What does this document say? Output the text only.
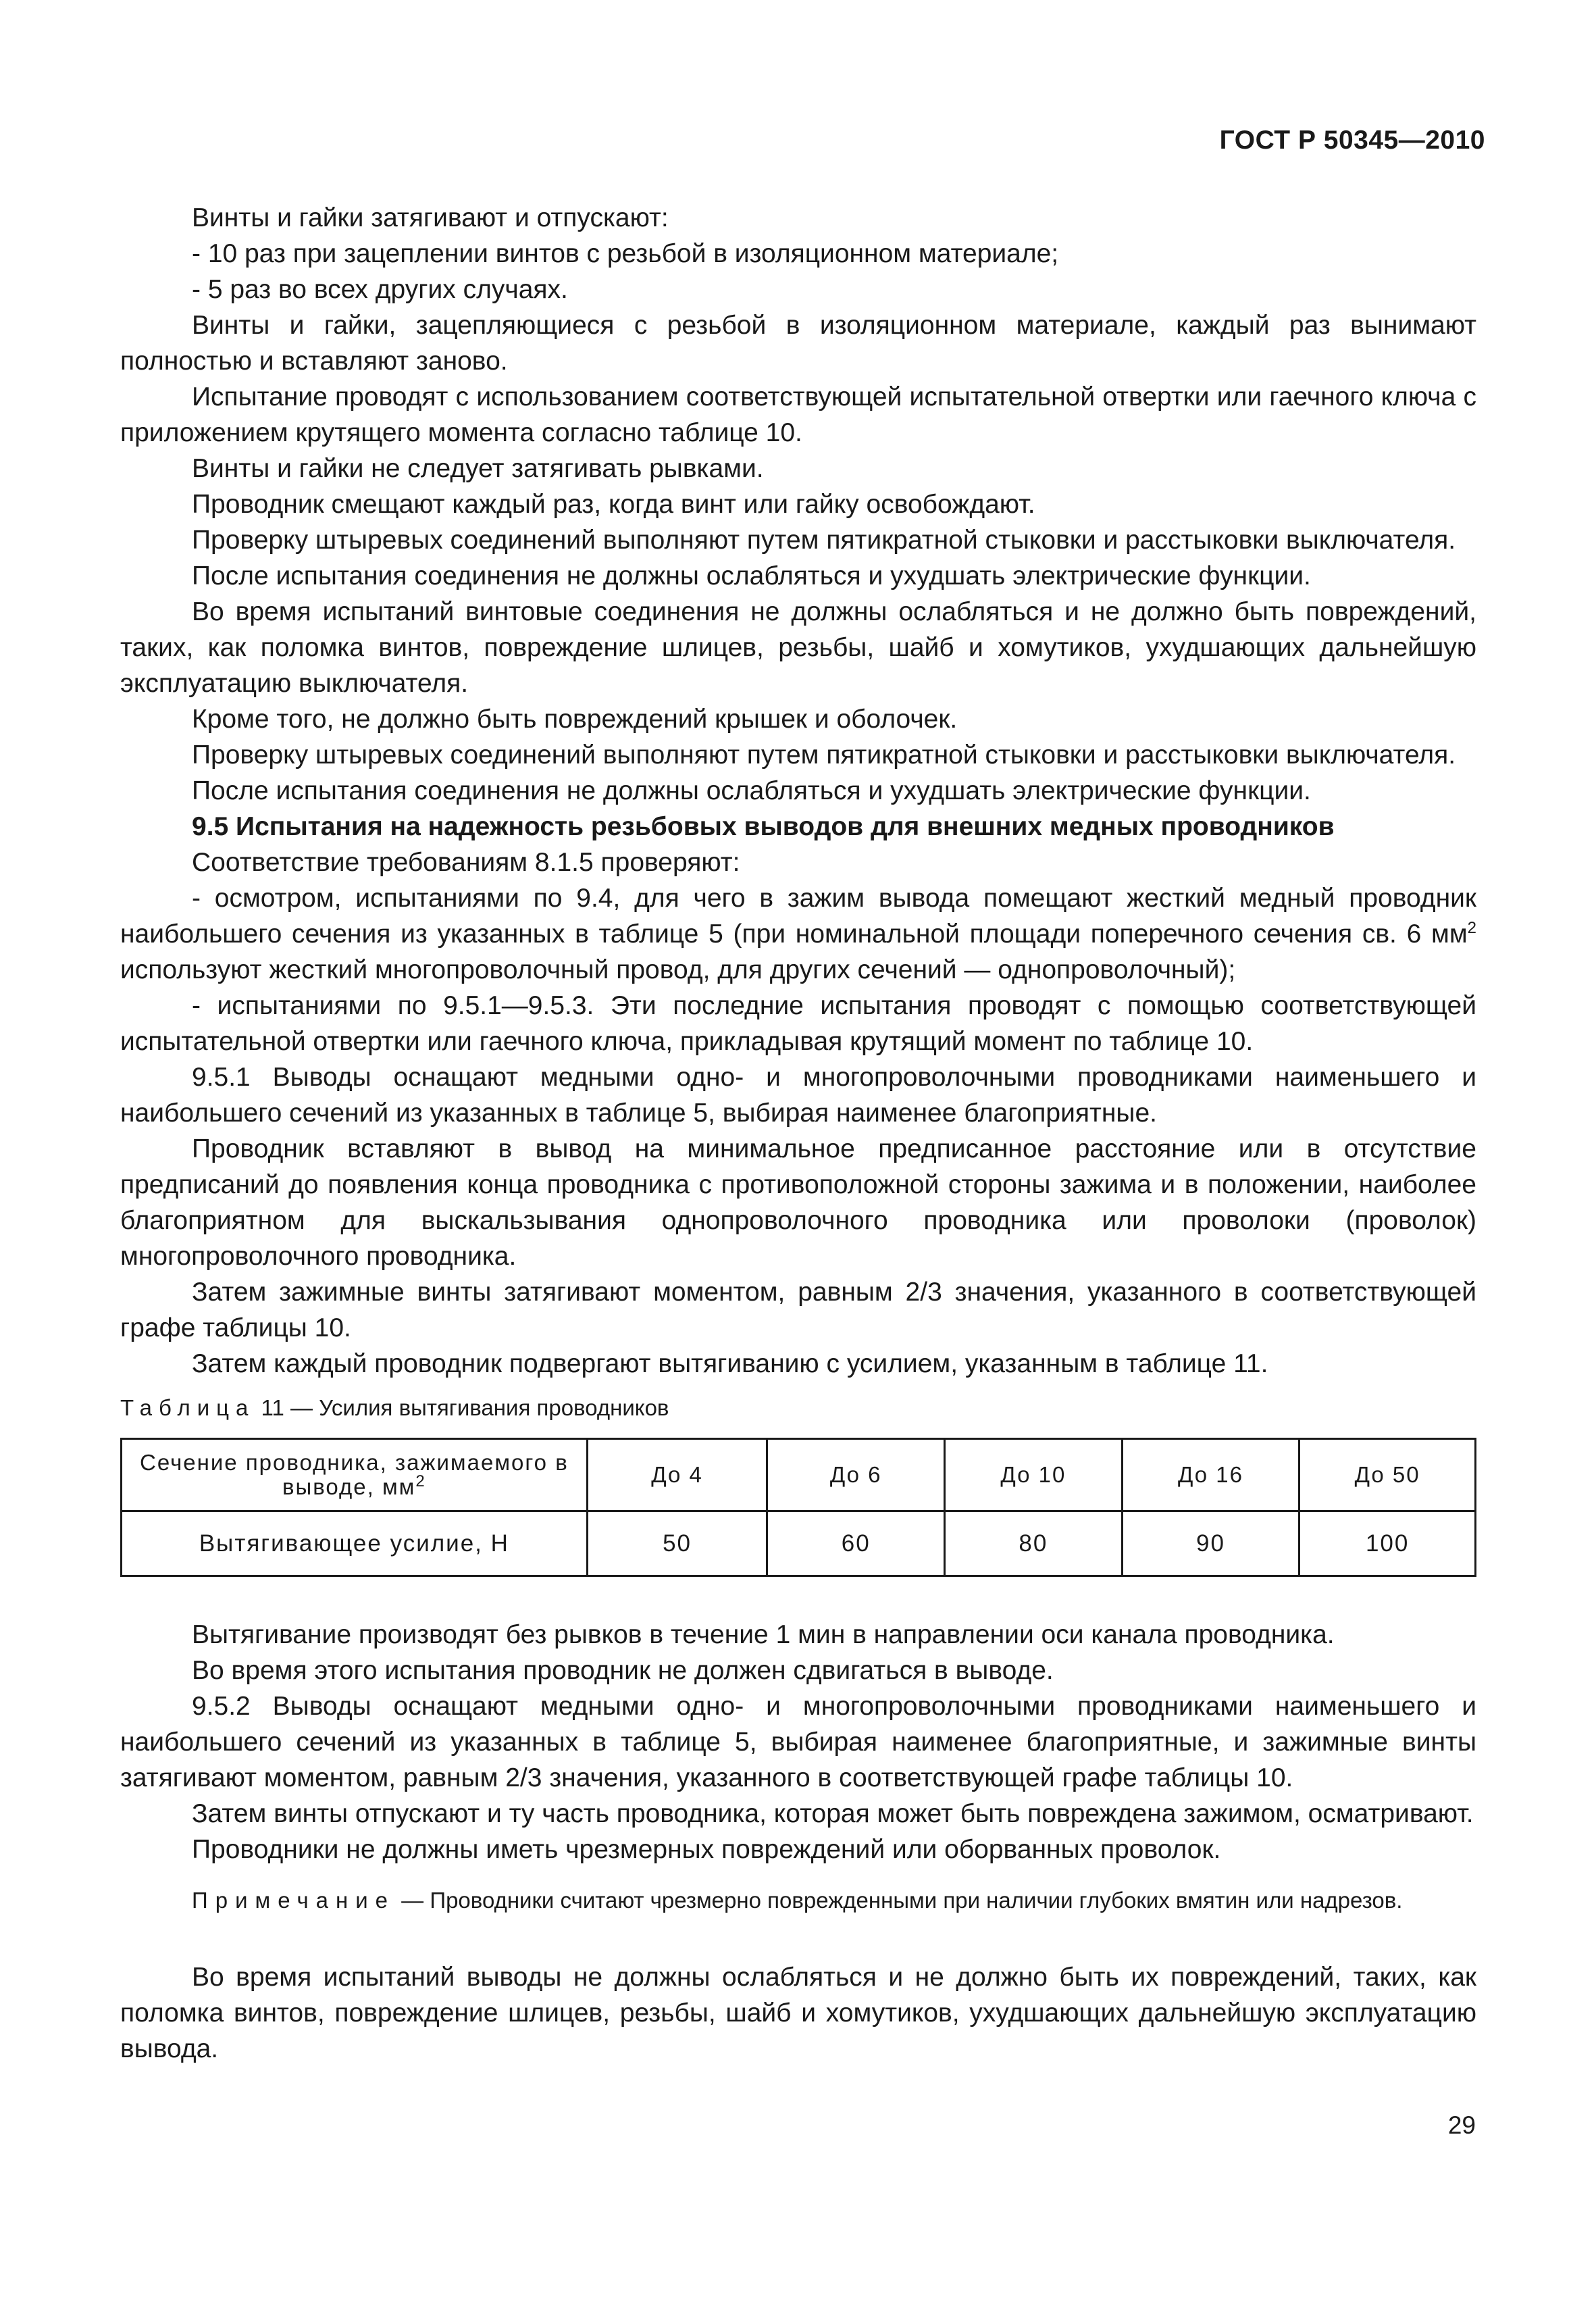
ГОСТ Р 50345—2010

Винты и гайки затягивают и отпускают:

- 10 раз при зацеплении винтов с резьбой в изоляционном материале;

- 5 раз во всех других случаях.

Винты и гайки, зацепляющиеся с резьбой в изоляционном материале, каждый раз вынимают полностью и вставляют заново.

Испытание проводят с использованием соответствующей испытательной отвертки или гаечного ключа с приложением крутящего момента согласно таблице 10.

Винты и гайки не следует затягивать рывками.

Проводник смещают каждый раз, когда винт или гайку освобождают.

Проверку штыревых соединений выполняют путем пятикратной стыковки и расстыковки выключателя.

После испытания соединения не должны ослабляться и ухудшать электрические функции.

Во время испытаний винтовые соединения не должны ослабляться и не должно быть повреждений, таких, как поломка винтов, повреждение шлицев, резьбы, шайб и хомутиков, ухудшающих дальнейшую эксплуатацию выключателя.

Кроме того, не должно быть повреждений крышек и оболочек.

Проверку штыревых соединений выполняют путем пятикратной стыковки и расстыковки выключателя.

После испытания соединения не должны ослабляться и ухудшать электрические функции.

9.5 Испытания на надежность резьбовых выводов для внешних медных проводников

Соответствие требованиям 8.1.5 проверяют:

- осмотром, испытаниями по 9.4, для чего в зажим вывода помещают жесткий медный проводник наибольшего сечения из указанных в таблице 5 (при номинальной площади поперечного сечения св. 6 $мм^2$ используют жесткий многопроволочный провод, для других сечений — однопроволочный);

- испытаниями по 9.5.1—9.5.3. Эти последние испытания проводят с помощью соответствующей испытательной отвертки или гаечного ключа, прикладывая крутящий момент по таблице 10.

9.5.1 Выводы оснащают медными одно- и многопроволочными проводниками наименьшего и наибольшего сечений из указанных в таблице 5, выбирая наименее благоприятные.

Проводник вставляют в вывод на минимальное предписанное расстояние или в отсутствие предписаний до появления конца проводника с противоположной стороны зажима и в положении, наиболее благоприятном для выскальзывания однопроволочного проводника или проволоки (проволок) многопроволочного проводника.

Затем зажимные винты затягивают моментом, равным 2/3 значения, указанного в соответствующей графе таблицы 10.

Затем каждый проводник подвергают вытягиванию с усилием, указанным в таблице 11.

Таблица 11 — Усилия вытягивания проводников
Сечение проводника, зажимаемого в выводе, $мм^2$	До 4	До 6	До 10	До 16	До 50
Вытягивающее усилие, Н	50	60	80	90	100

Вытягивание производят без рывков в течение 1 мин в направлении оси канала проводника.

Во время этого испытания проводник не должен сдвигаться в выводе.

9.5.2 Выводы оснащают медными одно- и многопроволочными проводниками наименьшего и наибольшего сечений из указанных в таблице 5, выбирая наименее благоприятные, и зажимные винты затягивают моментом, равным 2/3 значения, указанного в соответствующей графе таблицы 10.

Затем винты отпускают и ту часть проводника, которая может быть повреждена зажимом, осматривают.

Проводники не должны иметь чрезмерных повреждений или оборванных проволок.

Примечание — Проводники считают чрезмерно поврежденными при наличии глубоких вмятин или надрезов.

Во время испытаний выводы не должны ослабляться и не должно быть их повреждений, таких, как поломка винтов, повреждение шлицев, резьбы, шайб и хомутиков, ухудшающих дальнейшую эксплуатацию вывода.

29
